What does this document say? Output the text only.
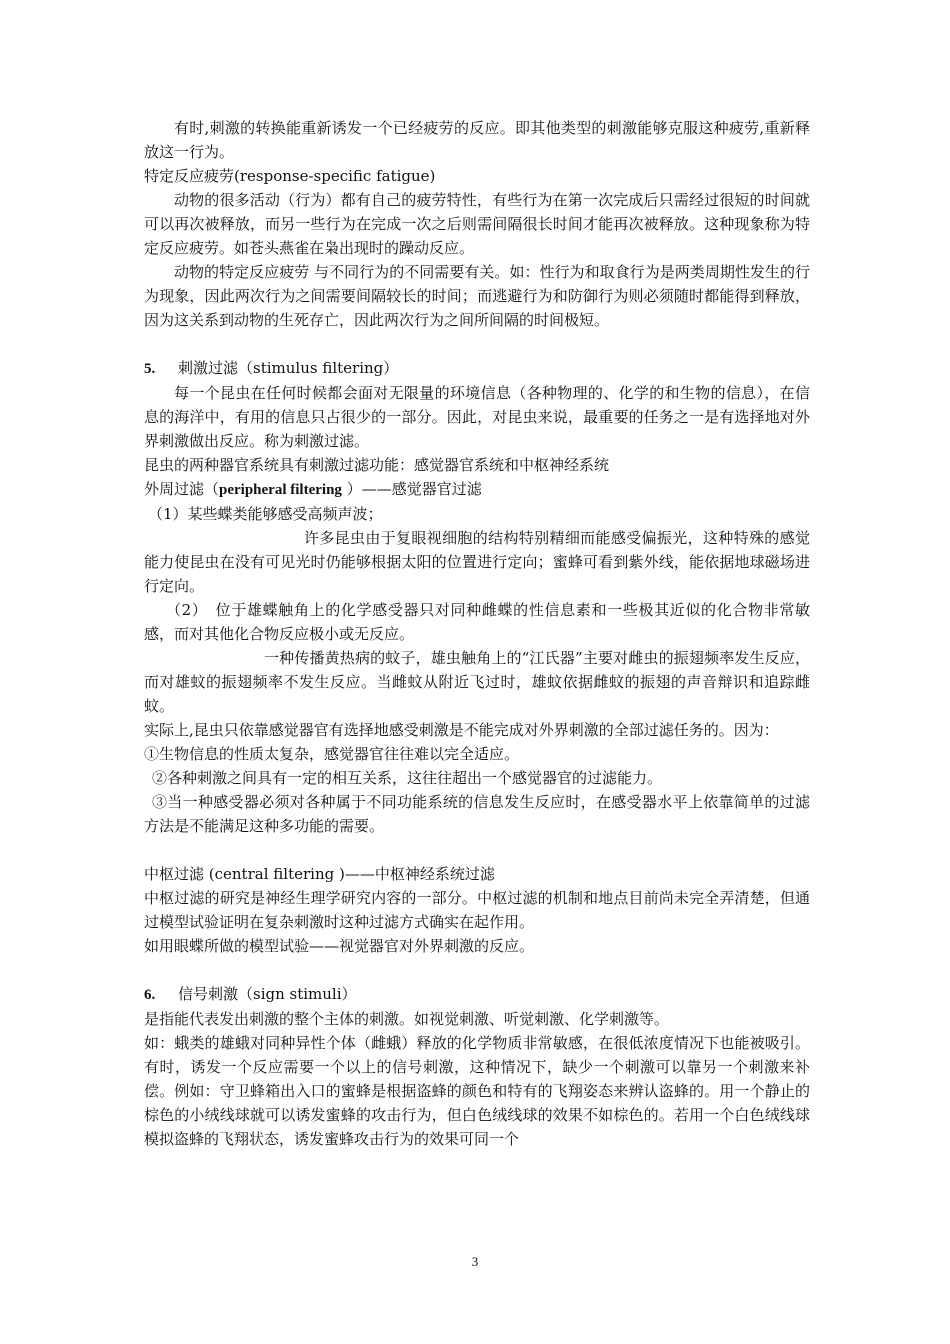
有时,刺激的转换能重新诱发一个已经疲劳的反应。即其他类型的刺激能够克服这种疲劳,重新释放这一行为。

特定反应疲劳(response-specific fatigue)

动物的很多活动（行为）都有自己的疲劳特性，有些行为在第一次完成后只需经过很短的时间就可以再次被释放，而另一些行为在完成一次之后则需间隔很长时间才能再次被释放。这种现象称为特定反应疲劳。如苍头燕雀在枭出现时的躁动反应。

动物的特定反应疲劳 与不同行为的不同需要有关。如：性行为和取食行为是两类周期性发生的行为现象，因此两次行为之间需要间隔较长的时间；而逃避行为和防御行为则必须随时都能得到释放，因为这关系到动物的生死存亡，因此两次行为之间所间隔的时间极短。

5. 刺激过滤（stimulus filtering）

每一个昆虫在任何时候都会面对无限量的环境信息（各种物理的、化学的和生物的信息），在信息的海洋中，有用的信息只占很少的一部分。因此，对昆虫来说，最重要的任务之一是有选择地对外界刺激做出反应。称为刺激过滤。

昆虫的两种器官系统具有刺激过滤功能：感觉器官系统和中枢神经系统

外周过滤（peripheral filtering ）——感觉器官过滤

（1）某些蝶类能够感受高频声波；

许多昆虫由于复眼视细胞的结构特别精细而能感受偏振光，这种特殊的感觉能力使昆虫在没有可见光时仍能够根据太阳的位置进行定向；蜜蜂可看到紫外线，能依据地球磁场进行定向。

（2）　位于雄蝶触角上的化学感受器只对同种雌蝶的性信息素和一些极其近似的化合物非常敏感，而对其他化合物反应极小或无反应。

一种传播黄热病的蚊子，雄虫触角上的“江氏器”主要对雌虫的振翅频率发生反应，而对雄蚊的振翅频率不发生反应。当雌蚊从附近飞过时，雄蚊依据雌蚊的振翅的声音辩识和追踪雌蚊。

实际上,昆虫只依靠感觉器官有选择地感受刺激是不能完成对外界刺激的全部过滤任务的。因为：

①生物信息的性质太复杂，感觉器官往往难以完全适应。

②各种刺激之间具有一定的相互关系，这往往超出一个感觉器官的过滤能力。

③当一种感受器必须对各种属于不同功能系统的信息发生反应时，在感受器水平上依靠简单的过滤方法是不能满足这种多功能的需要。

中枢过滤 (central filtering )——中枢神经系统过滤

中枢过滤的研究是神经生理学研究内容的一部分。中枢过滤的机制和地点目前尚未完全弄清楚，但通过模型试验证明在复杂刺激时这种过滤方式确实在起作用。

如用眼蝶所做的模型试验——视觉器官对外界刺激的反应。

6. 信号刺激（sign stimuli）

是指能代表发出刺激的整个主体的刺激。如视觉刺激、听觉刺激、化学刺激等。

如：蛾类的雄蛾对同种异性个体（雌蛾）释放的化学物质非常敏感，在很低浓度情况下也能被吸引。有时，诱发一个反应需要一个以上的信号刺激，这种情况下，缺少一个刺激可以靠另一个刺激来补偿。例如：守卫蜂箱出入口的蜜蜂是根据盗蜂的颜色和特有的飞翔姿态来辨认盗蜂的。用一个静止的棕色的小绒线球就可以诱发蜜蜂的攻击行为，但白色绒线球的效果不如棕色的。若用一个白色绒线球模拟盗蜂的飞翔状态，诱发蜜蜂攻击行为的效果可同一个

3
